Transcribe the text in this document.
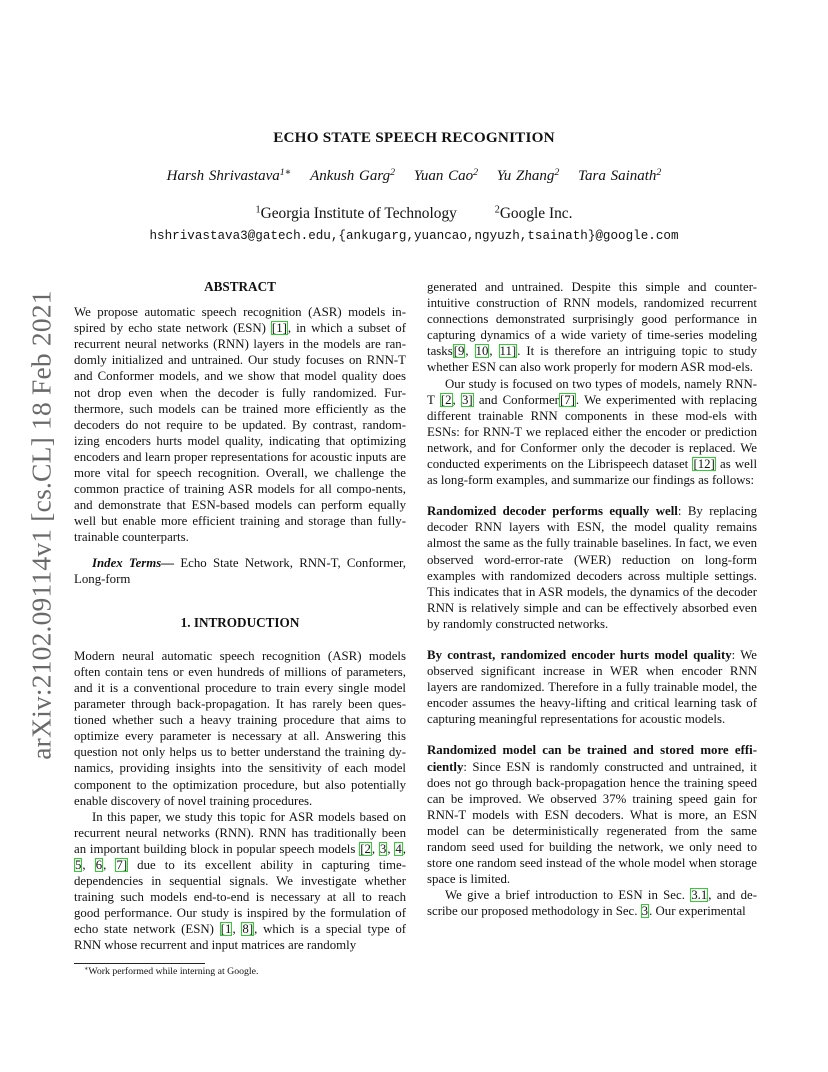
arXiv:2102.09114v1 [cs.CL] 18 Feb 2021
ECHO STATE SPEECH RECOGNITION
Harsh Shrivastava$^{1∗}$ Ankush Garg$^2$ Yuan Cao$^2$ Yu Zhang$^2$ Tara Sainath$^2$
$^1$Georgia Institute of Technology	$^2$Google Inc.
hshrivastava3@gatech.edu,{ankugarg,yuancao,ngyuzh,tsainath}@google.com
ABSTRACT

We propose automatic speech recognition (ASR) models in-spired by echo state network (ESN) [1], in which a subset of recurrent neural networks (RNN) layers in the models are ran-domly initialized and untrained. Our study focuses on RNN-T and Conformer models, and we show that model quality does not drop even when the decoder is fully randomized. Fur-thermore, such models can be trained more efficiently as the decoders do not require to be updated. By contrast, random-izing encoders hurts model quality, indicating that optimizing encoders and learn proper representations for acoustic inputs are more vital for speech recognition. Overall, we challenge the common practice of training ASR models for all compo-nents, and demonstrate that ESN-based models can perform equally well but enable more efficient training and storage than fully-trainable counterparts.

Index Terms— Echo State Network, RNN-T, Conformer, Long-form

1. INTRODUCTION

Modern neural automatic speech recognition (ASR) models often contain tens or even hundreds of millions of parameters, and it is a conventional procedure to train every single model parameter through back-propagation. It has rarely been ques-tioned whether such a heavy training procedure that aims to optimize every parameter is necessary at all. Answering this question not only helps us to better understand the training dy-namics, providing insights into the sensitivity of each model component to the optimization procedure, but also potentially enable discovery of novel training procedures.

In this paper, we study this topic for ASR models based on recurrent neural networks (RNN). RNN has traditionally been an important building block in popular speech models [2, 3, 4, 5, 6, 7] due to its excellent ability in capturing time-dependencies in sequential signals. We investigate whether training such models end-to-end is necessary at all to reach good performance. Our study is inspired by the formulation of echo state network (ESN) [1, 8], which is a special type of RNN whose recurrent and input matrices are randomly

generated and untrained. Despite this simple and counter-intuitive construction of RNN models, randomized recurrent connections demonstrated surprisingly good performance in capturing dynamics of a wide variety of time-series modeling tasks[9, 10, 11]. It is therefore an intriguing topic to study whether ESN can also work properly for modern ASR mod-els.

Our study is focused on two types of models, namely RNN-T [2, 3] and Conformer[7]. We experimented with replacing different trainable RNN components in these mod-els with ESNs: for RNN-T we replaced either the encoder or prediction network, and for Conformer only the decoder is replaced. We conducted experiments on the Librispeech dataset [12] as well as long-form examples, and summarize our findings as follows:

Randomized decoder performs equally well: By replacing decoder RNN layers with ESN, the model quality remains almost the same as the fully trainable baselines. In fact, we even observed word-error-rate (WER) reduction on long-form examples with randomized decoders across multiple settings. This indicates that in ASR models, the dynamics of the decoder RNN is relatively simple and can be effectively absorbed even by randomly constructed networks.

By contrast, randomized encoder hurts model quality: We observed significant increase in WER when encoder RNN layers are randomized. Therefore in a fully trainable model, the encoder assumes the heavy-lifting and critical learning task of capturing meaningful representations for acoustic models.

Randomized model can be trained and stored more effi-ciently: Since ESN is randomly constructed and untrained, it does not go through back-propagation hence the training speed can be improved. We observed 37% training speed gain for RNN-T models with ESN decoders. What is more, an ESN model can be deterministically regenerated from the same random seed used for building the network, we only need to store one random seed instead of the whole model when storage space is limited.

We give a brief introduction to ESN in Sec. 3.1, and de-scribe our proposed methodology in Sec. 3. Our experimental

∗Work performed while interning at Google.
